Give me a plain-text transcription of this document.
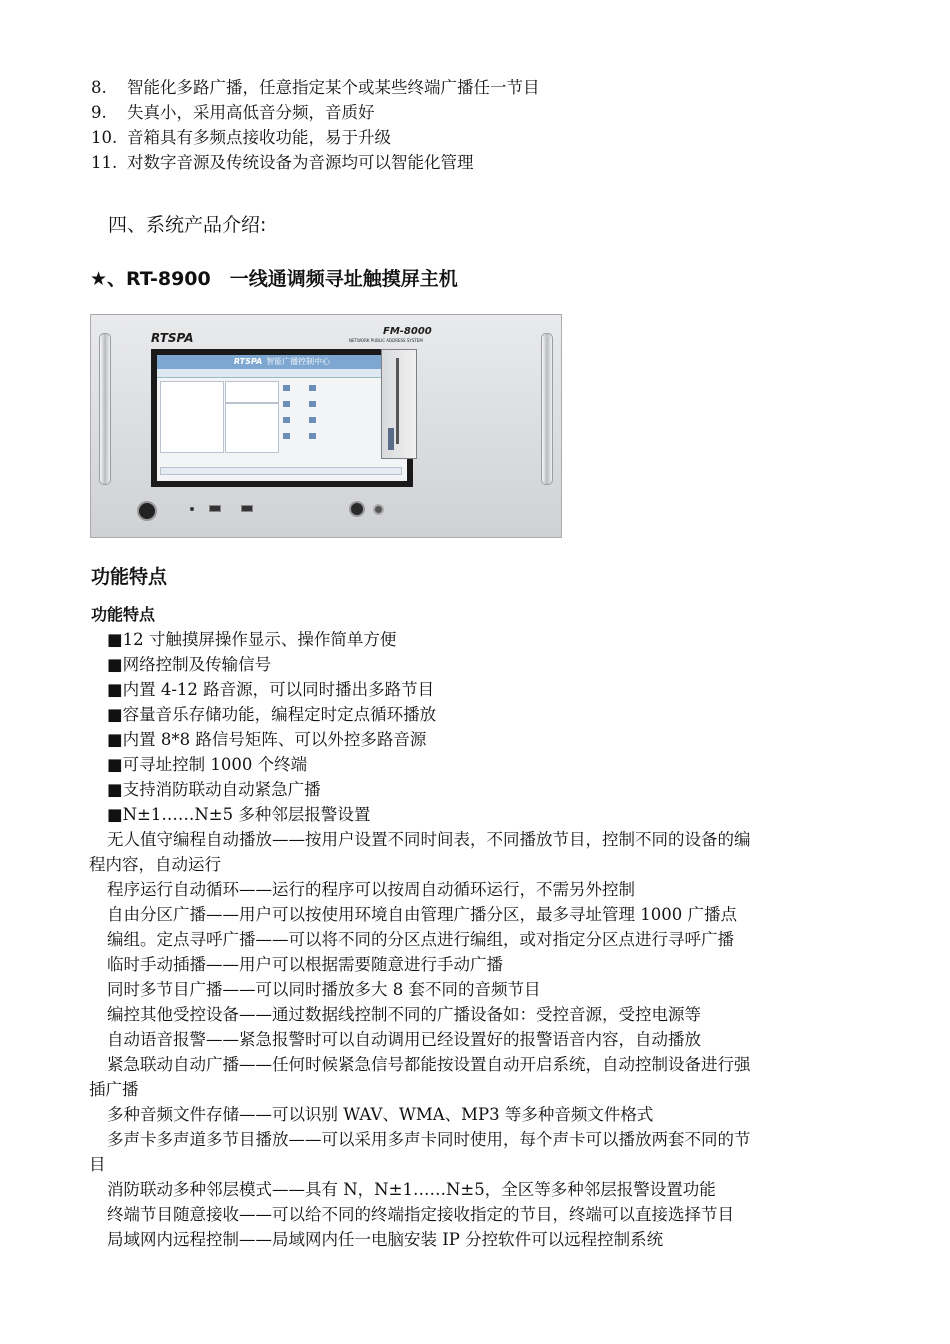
8. 智能化多路广播，任意指定某个或某些终端广播任一节目
9. 失真小，采用高低音分频，音质好
10. 音箱具有多频点接收功能，易于升级
11. 对数字音源及传统设备为音源均可以智能化管理
四、系统产品介绍:
★、RT-8900　一线通调频寻址触摸屏主机
RTSPA	FM-8000
NETWORK PUBLIC ADDRESS SYSTEM
RTSPA 智能广播控制中心
功能特点
功能特点
■12 寸触摸屏操作显示、操作简单方便
■网络控制及传输信号
■内置 4-12 路音源，可以同时播出多路节目
■容量音乐存储功能，编程定时定点循环播放
■内置 8*8 路信号矩阵、可以外控多路音源
■可寻址控制 1000 个终端
■支持消防联动自动紧急广播
■N±1……N±5 多种邻层报警设置
无人值守编程自动播放——按用户设置不同时间表，不同播放节目，控制不同的设备的编
程内容，自动运行
程序运行自动循环——运行的程序可以按周自动循环运行，不需另外控制
自由分区广播——用户可以按使用环境自由管理广播分区，最多寻址管理 1000 广播点
编组。定点寻呼广播——可以将不同的分区点进行编组，或对指定分区点进行寻呼广播
临时手动插播——用户可以根据需要随意进行手动广播
同时多节目广播——可以同时播放多大 8 套不同的音频节目
编控其他受控设备——通过数据线控制不同的广播设备如：受控音源，受控电源等
自动语音报警——紧急报警时可以自动调用已经设置好的报警语音内容，自动播放
紧急联动自动广播——任何时候紧急信号都能按设置自动开启系统，自动控制设备进行强
插广播
多种音频文件存储——可以识别 WAV、WMA、MP3 等多种音频文件格式
多声卡多声道多节目播放——可以采用多声卡同时使用，每个声卡可以播放两套不同的节
目
消防联动多种邻层模式——具有 N，N±1……N±5，全区等多种邻层报警设置功能
终端节目随意接收——可以给不同的终端指定接收指定的节目，终端可以直接选择节目
局域网内远程控制——局域网内任一电脑安装 IP 分控软件可以远程控制系统
